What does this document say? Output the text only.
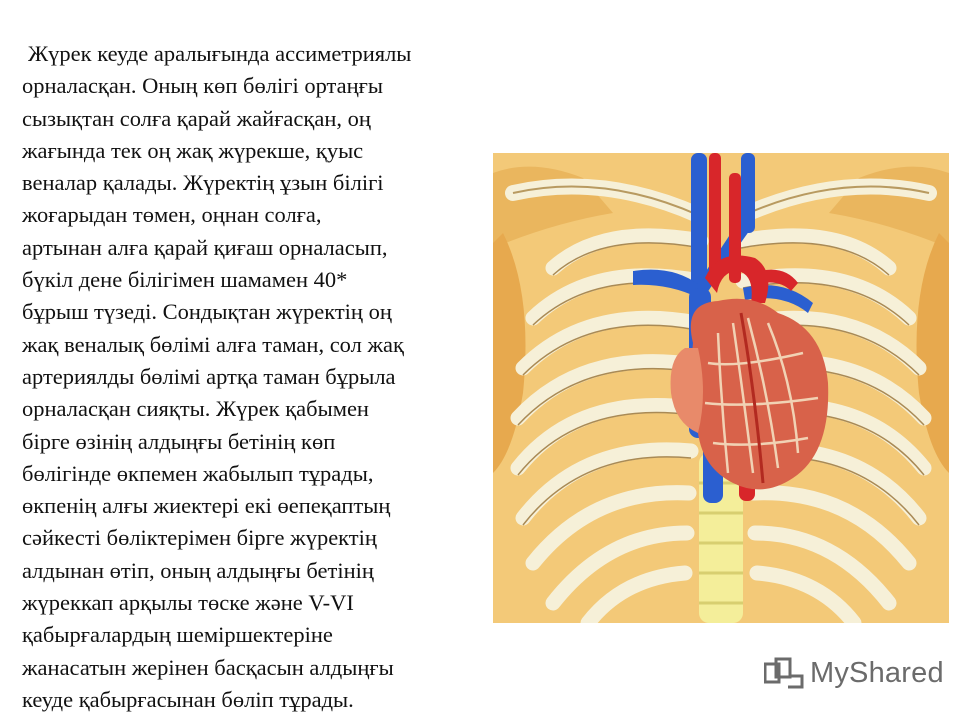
Жүрек кеуде аралығында ассиметриялы
орналасқан. Оның көп бөлігі ортаңғы
сызықтан солға қарай жайғасқан, оң
жағында тек оң жақ жүрекше, қуыс
веналар қалады. Жүректің ұзын білігі
жоғарыдан төмен, оңнан солға,
артынан алға қарай қиғаш орналасып,
бүкіл дене білігімен шамамен 40*
бұрыш түзеді. Сондықтан жүректің оң
жақ веналық бөлімі алға таман, сол жақ
артериялды бөлімі артқа таман бұрыла
орналасқан сияқты. Жүрек қабымен
бірге өзінің алдыңғы бетінің көп
бөлігінде өкпемен жабылып тұрады,
өкпенің алғы жиектері екі өепеқаптың
сәйкесті бөліктерімен бірге жүректің
алдынан өтіп, оның алдыңғы бетінің
жүреккап арқылы төске және V-VI
қабырғалардың шеміршектеріне
жанасатын жерінен басқасын алдыңғы
кеуде қабырғасынан бөліп тұрады.
MyShared
